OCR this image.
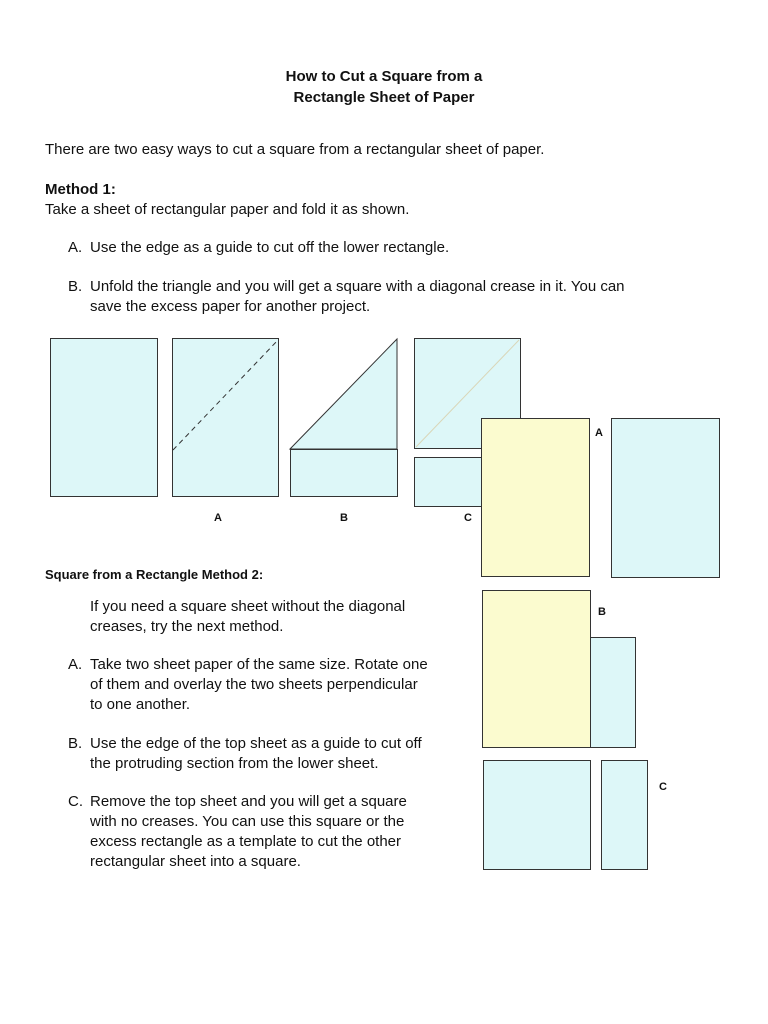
How to Cut a Square from a
Rectangle Sheet of Paper
There are two easy ways to cut a square from a rectangular sheet of paper.
Method 1:
Take a sheet of rectangular paper and fold it as shown.
A. Use the edge as a guide to cut off the lower rectangle.
B. Unfold the triangle and you will get a square with a diagonal crease in it. You can
save the excess paper for another project.
A	B	C
Square from a Rectangle Method 2:
If you need a square sheet without the diagonal
creases, try the next method.
A. Take two sheet paper of the same size. Rotate one
of them and overlay the two sheets perpendicular
to one another.
B. Use the edge of the top sheet as a guide to cut off
the protruding section from the lower sheet.
C. Remove the top sheet and you will get a square
with no creases. You can use this square or the
excess rectangle as a template to cut the other
rectangular sheet into a square.
A
B
C
